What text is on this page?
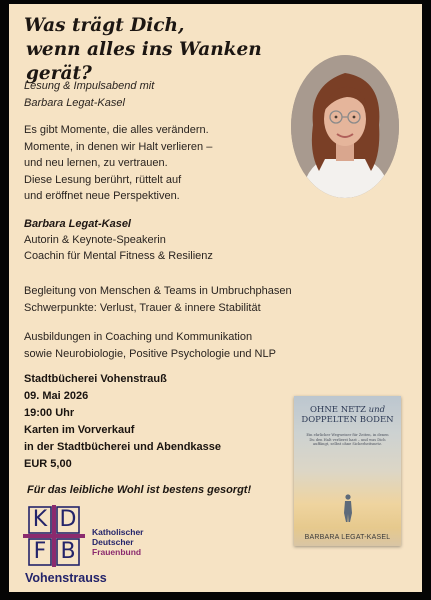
Was trägt Dich,
wenn alles ins Wanken gerät?
Lesung & Impulsabend mit
Barbara Legat-Kasel
Es gibt Momente, die alles verändern.
Momente, in denen wir Halt verlieren –
und neu lernen, zu vertrauen.
Diese Lesung berührt, rüttelt auf
und eröffnet neue Perspektiven.
Barbara Legat-Kasel
Autorin & Keynote-Speakerin
Coachin für Mental Fitness & Resilienz
Begleitung von Menschen & Teams in Umbruchphasen
Schwerpunkte: Verlust, Trauer & innere Stabilität
Ausbildungen in Coaching und Kommunikation
sowie Neurobiologie, Positive Psychologie und NLP
Stadtbücherei Vohenstrauß
09. Mai 2026
19:00 Uhr
Karten im Vorverkauf
in der Stadtbücherei und Abendkasse
EUR 5,00
Für das leibliche Wohl ist bestens gesorgt!
OHNE NETZ und
DOPPELTEN BODEN
Ein ehrlicher Wegweiser für Zeiten, in denen Du den Halt verlierst hast – und was Dich auffängt, selbst ohne Sicherheitsnetz.
BARBARA LEGAT-KASEL
K D
F B
Katholischer
Deutscher
Frauenbund
Vohenstrauss
